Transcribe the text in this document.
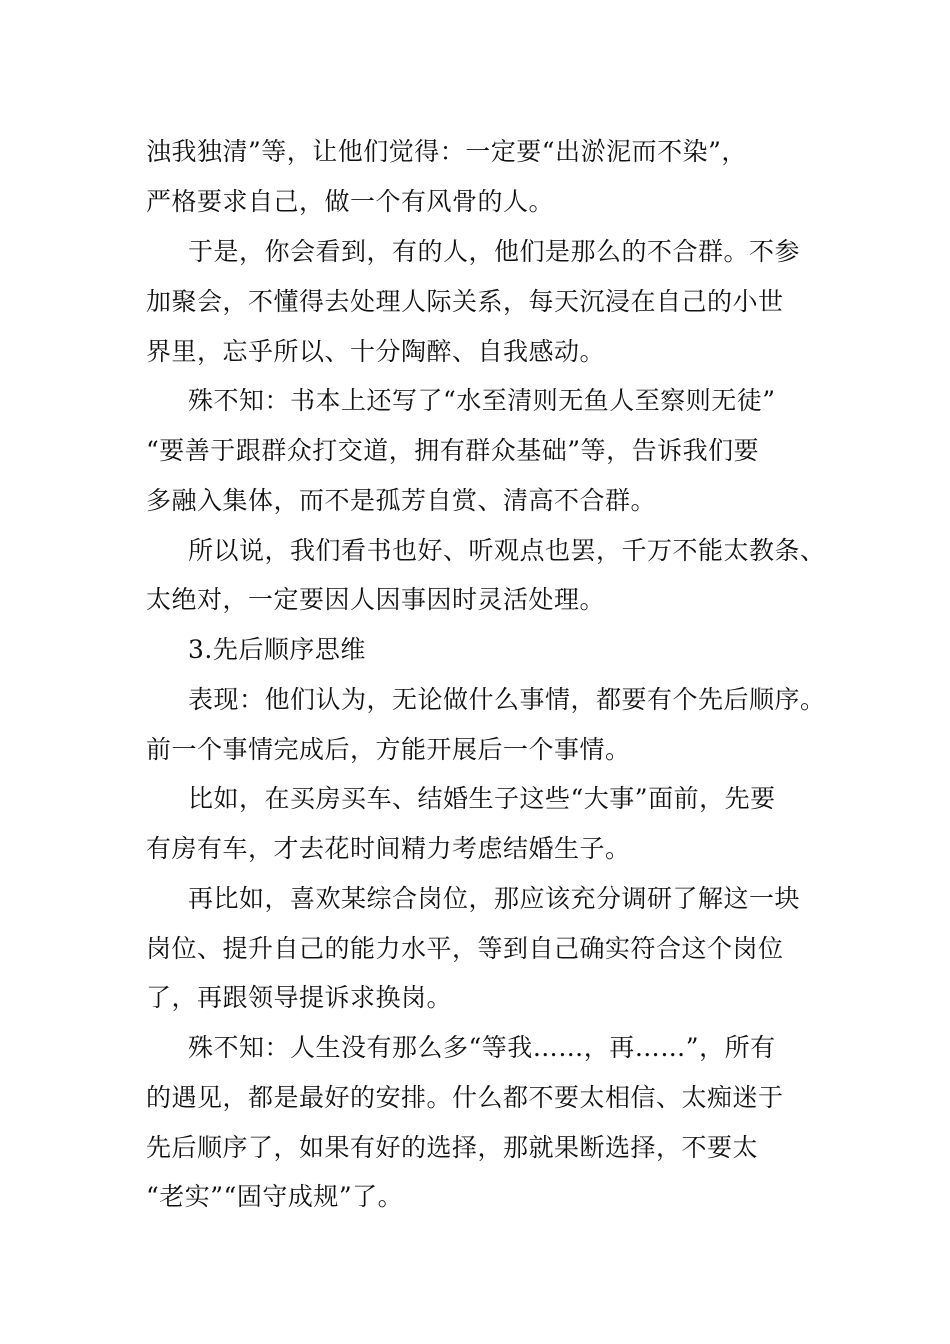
浊我独清”等，让他们觉得：一定要“出淤泥而不染”，
严格要求自己，做一个有风骨的人。
于是，你会看到，有的人，他们是那么的不合群。不参
加聚会，不懂得去处理人际关系，每天沉浸在自己的小世
界里，忘乎所以、十分陶醉、自我感动。
殊不知：书本上还写了“水至清则无鱼人至察则无徒”
“要善于跟群众打交道，拥有群众基础”等，告诉我们要
多融入集体，而不是孤芳自赏、清高不合群。
所以说，我们看书也好、听观点也罢，千万不能太教条、
太绝对，一定要因人因事因时灵活处理。
3.先后顺序思维
表现：他们认为，无论做什么事情，都要有个先后顺序。
前一个事情完成后，方能开展后一个事情。
比如，在买房买车、结婚生子这些“大事”面前，先要
有房有车，才去花时间精力考虑结婚生子。
再比如，喜欢某综合岗位，那应该充分调研了解这一块
岗位、提升自己的能力水平，等到自己确实符合这个岗位
了，再跟领导提诉求换岗。
殊不知：人生没有那么多“等我……，再……”，所有
的遇见，都是最好的安排。什么都不要太相信、太痴迷于
先后顺序了，如果有好的选择，那就果断选择，不要太
“老实”“固守成规”了。
